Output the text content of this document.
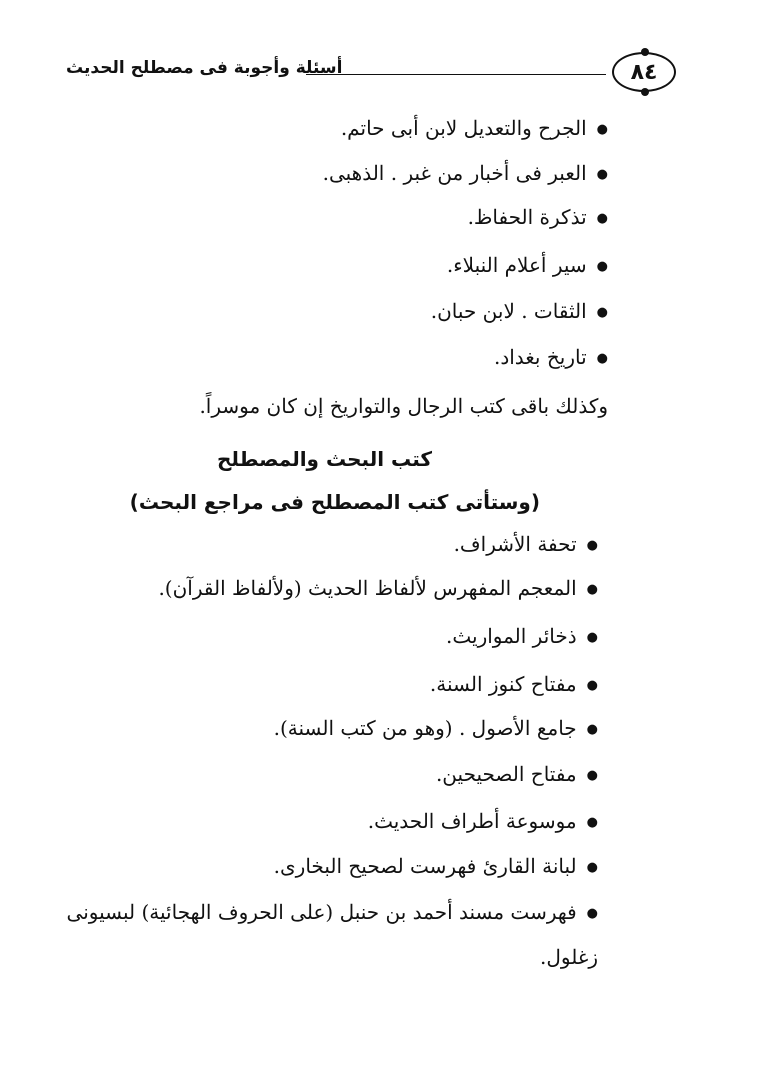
٨٤
أسئلة وأجوبة فى مصطلح الحديث
● الجرح والتعديل لابن أبى حاتم.
● العبر فى أخبار من غبر . الذهبى.
● تذكرة الحفاظ.
● سير أعلام النبلاء.
● الثقات . لابن حبان.
● تاريخ بغداد.
وكذلك باقى كتب الرجال والتواريخ إن كان موسراً.
كتب البحث والمصطلح
(وستأتى كتب المصطلح فى مراجع البحث)
● تحفة الأشراف.
● المعجم المفهرس لألفاظ الحديث (ولألفاظ القرآن).
● ذخائر المواريث.
● مفتاح كنوز السنة.
● جامع الأصول . (وهو من كتب السنة).
● مفتاح الصحيحين.
● موسوعة أطراف الحديث.
● لبانة القارئ فهرست لصحيح البخارى.
● فهرست مسند أحمد بن حنبل (على الحروف الهجائية) لبسيونى
زغلول.
